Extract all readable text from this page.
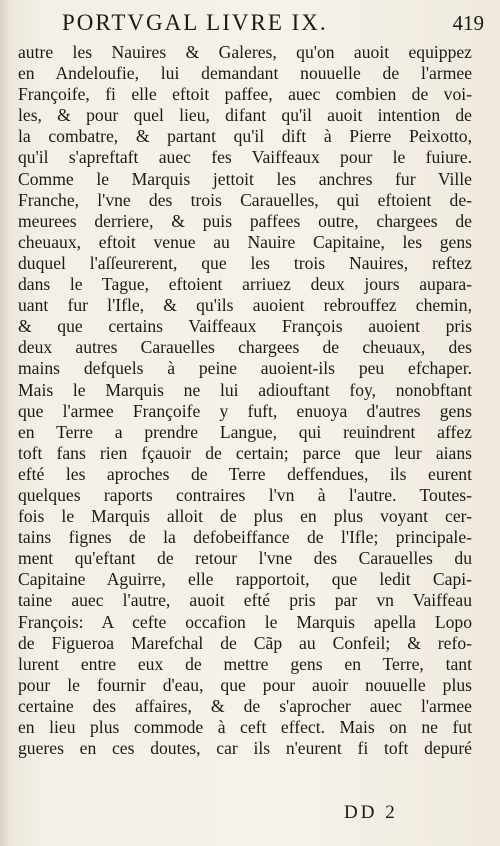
PORTVGAL LIVRE IX.	419
autre les Nauires & Galeres, qu'on auoit equippez
en Andeloufie, lui demandant nouuelle de l'armee
Françoife, fi elle eftoit paffee, auec combien de voi-
les, & pour quel lieu, difant qu'il auoit intention de
la combatre, & partant qu'il dift à Pierre Peixotto,
qu'il s'apreftaft auec fes Vaiffeaux pour le fuiure.
Comme le Marquis jettoit les anchres fur Ville
Franche, l'vne des trois Carauelles, qui eftoient de-
meurees derriere, & puis paffees outre, chargees de
cheuaux, eftoit venue au Nauire Capitaine, les gens
duquel l'aſſeurerent, que les trois Nauires, reftez
dans le Tague, eftoient arriuez deux jours aupara-
uant fur l'Ifle, & qu'ils auoient rebrouffez chemin,
& que certains Vaiffeaux François auoient pris
deux autres Carauelles chargees de cheuaux, des
mains defquels à peine auoient-ils peu efchaper.
Mais le Marquis ne lui adiouftant foy, nonobftant
que l'armee Françoife y fuft, enuoya d'autres gens
en Terre a prendre Langue, qui reuindrent affez
toft fans rien fçauoir de certain; parce que leur aians
efté les aproches de Terre deffendues, ils eurent
quelques raports contraires l'vn à l'autre. Toutes-
fois le Marquis alloit de plus en plus voyant cer-
tains fignes de la defobeiffance de l'Ifle; principale-
ment qu'eftant de retour l'vne des Carauelles du
Capitaine Aguirre, elle rapportoit, que ledit Capi-
taine auec l'autre, auoit efté pris par vn Vaiffeau
François: A cefte occafion le Marquis apella Lopo
de Figueroa Marefchal de Cãp au Confeil; & refo-
lurent entre eux de mettre gens en Terre, tant
pour le fournir d'eau, que pour auoir nouuelle plus
certaine des affaires, & de s'aprocher auec l'armee
en lieu plus commode à ceft effect. Mais on ne fut
gueres en ces doutes, car ils n'eurent fi toft depuré
DD 2
